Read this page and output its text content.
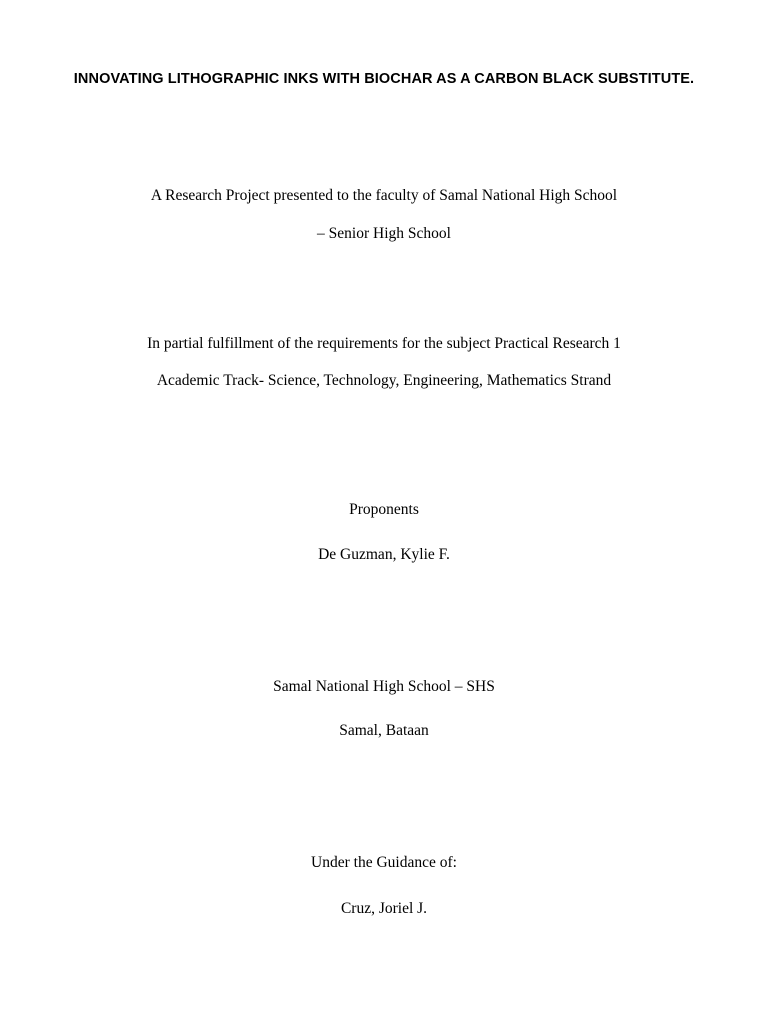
INNOVATING LITHOGRAPHIC INKS WITH BIOCHAR AS A CARBON BLACK SUBSTITUTE.
A Research Project presented to the faculty of Samal National High School
– Senior High School
In partial fulfillment of the requirements for the subject Practical Research 1
Academic Track- Science, Technology, Engineering, Mathematics Strand
Proponents
De Guzman, Kylie F.
Samal National High School – SHS
Samal, Bataan
Under the Guidance of:
Cruz, Joriel J.
